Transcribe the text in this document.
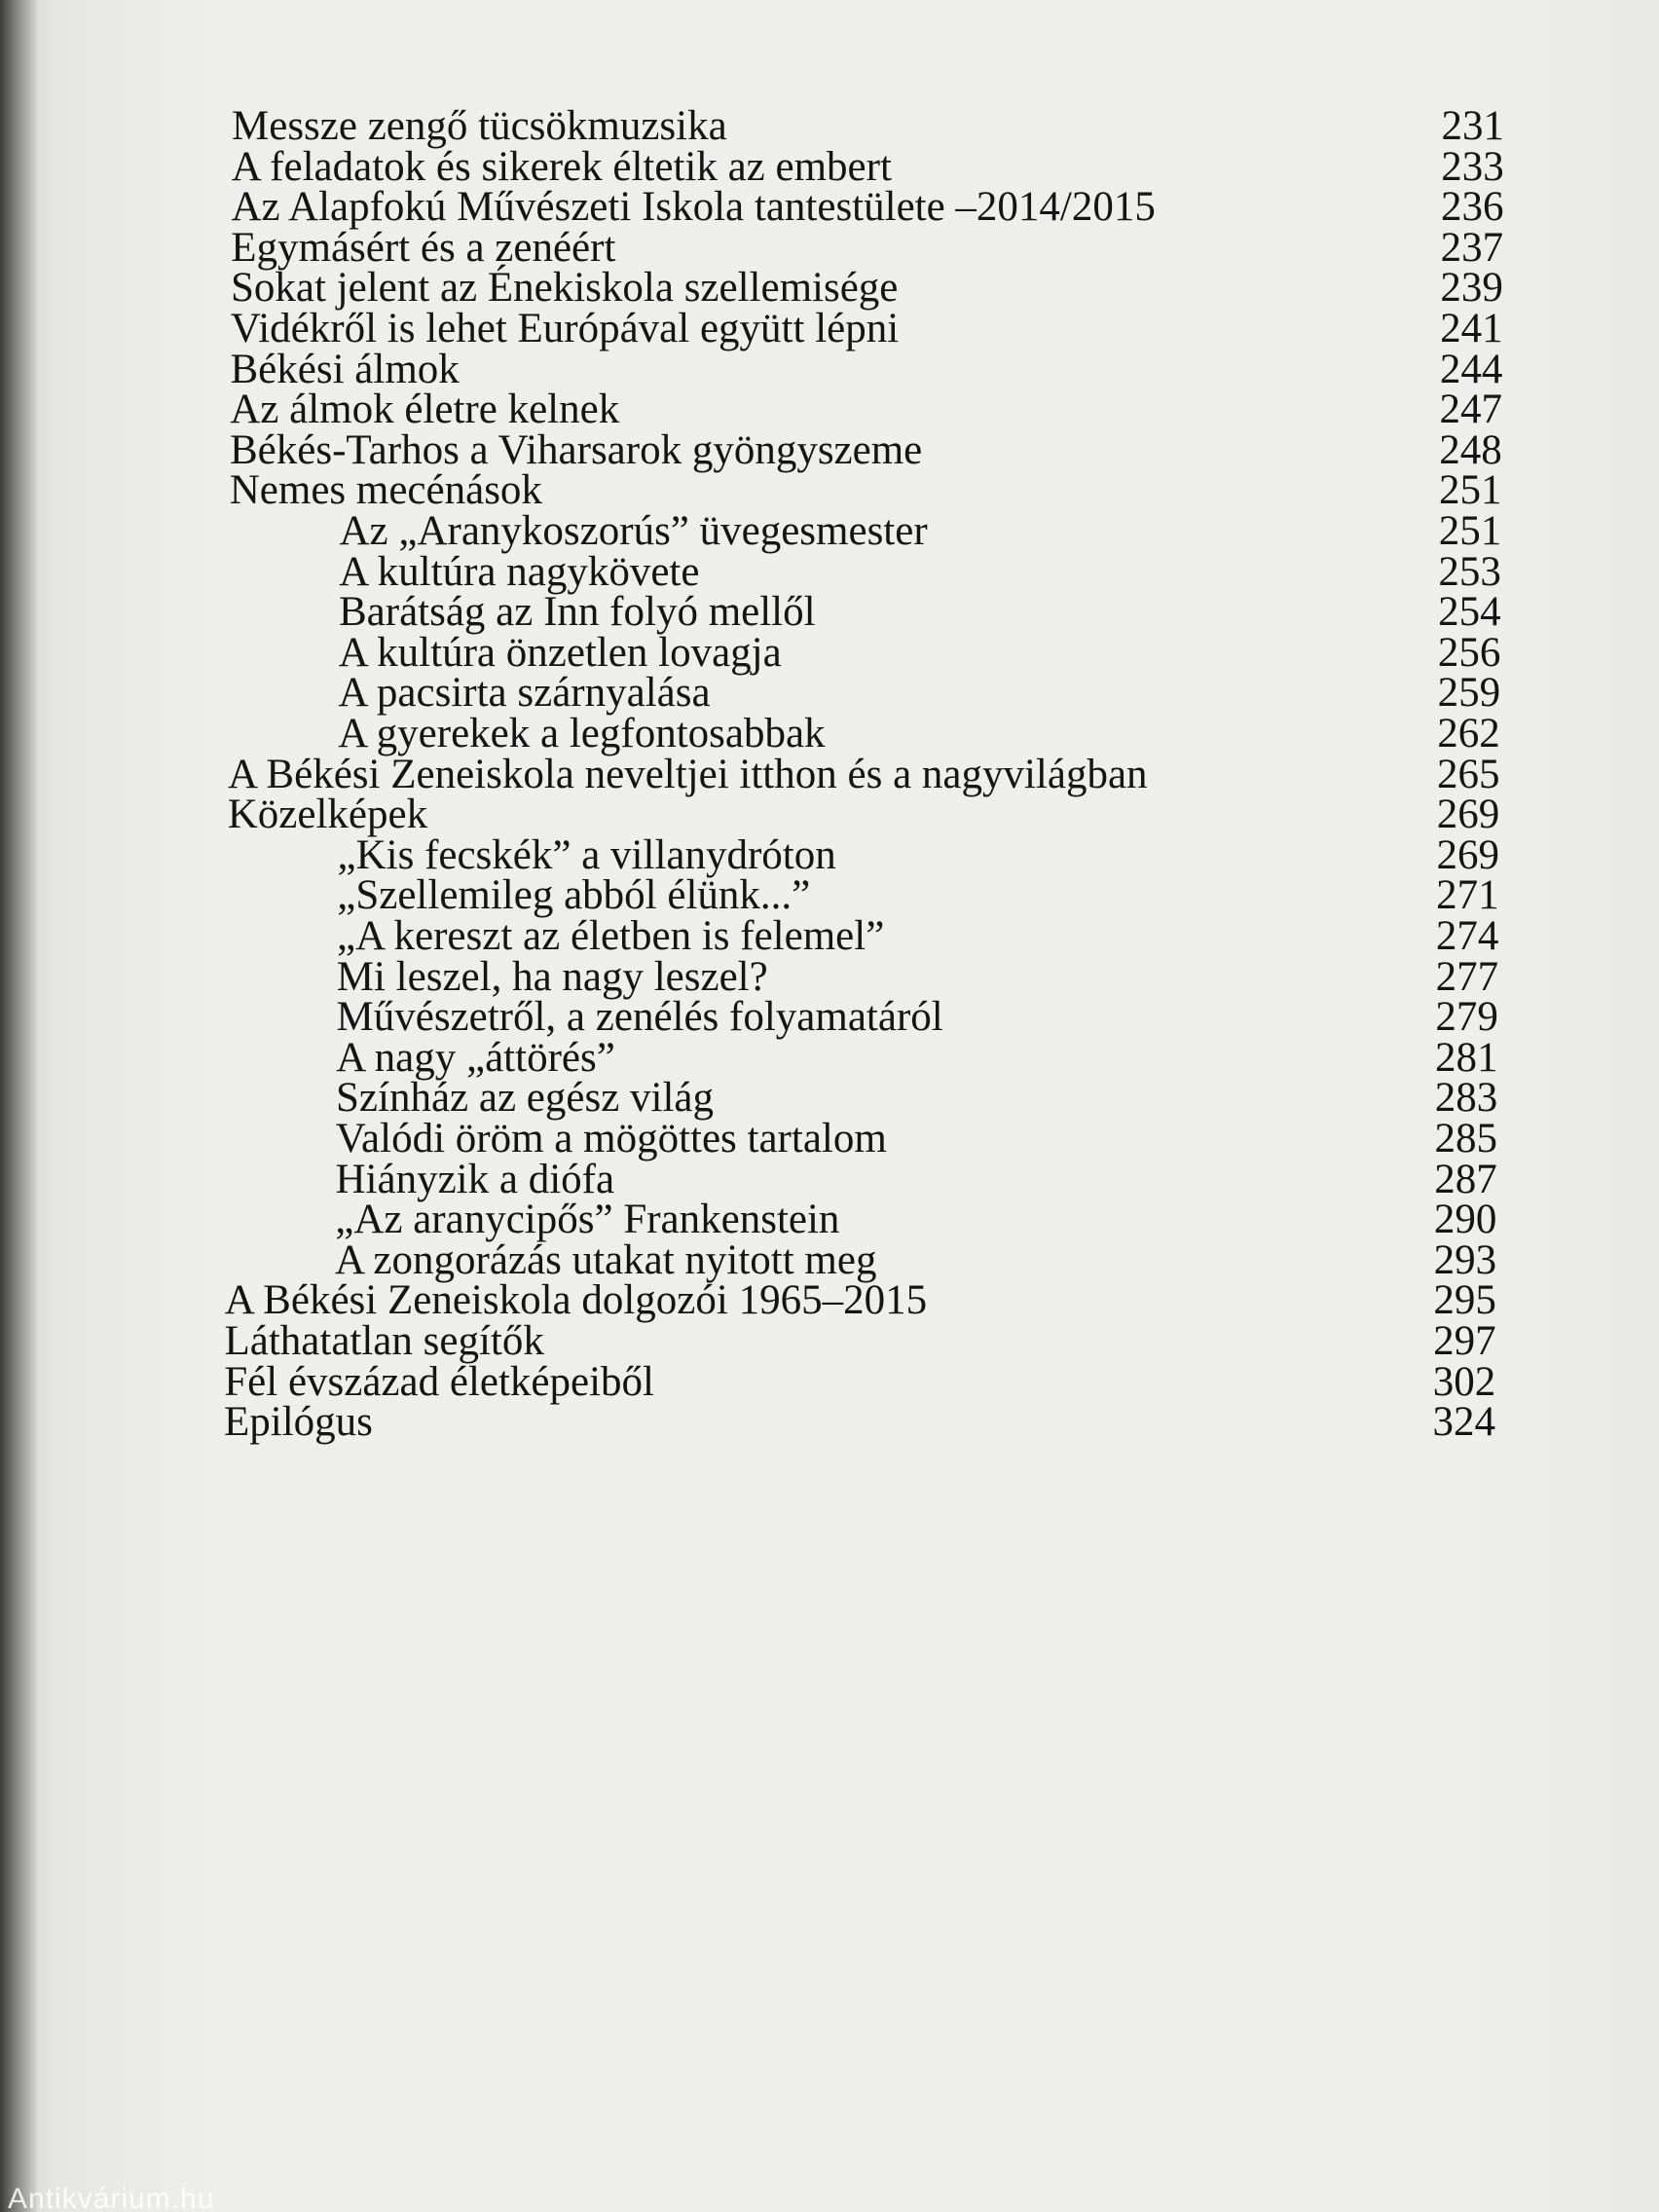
Messze zengő tücsökmuzsika	231
A feladatok és sikerek éltetik az embert	233
Az Alapfokú Művészeti Iskola tantestülete –2014/2015	236
Egymásért és a zenéért	237
Sokat jelent az Énekiskola szellemisége	239
Vidékről is lehet Európával együtt lépni	241
Békési álmok	244
Az álmok életre kelnek	247
Békés-Tarhos a Viharsarok gyöngyszeme	248
Nemes mecénások	251
Az „Aranykoszorús” üvegesmester	251
A kultúra nagykövete	253
Barátság az Inn folyó mellől	254
A kultúra önzetlen lovagja	256
A pacsirta szárnyalása	259
A gyerekek a legfontosabbak	262
A Békési Zeneiskola neveltjei itthon és a nagyvilágban	265
Közelképek	269
„Kis fecskék” a villanydróton	269
„Szellemileg abból élünk...”	271
„A kereszt az életben is felemel”	274
Mi leszel, ha nagy leszel?	277
Művészetről, a zenélés folyamatáról	279
A nagy „áttörés”	281
Színház az egész világ	283
Valódi öröm a mögöttes tartalom	285
Hiányzik a diófa	287
„Az aranycipős” Frankenstein	290
A zongorázás utakat nyitott meg	293
A Békési Zeneiskola dolgozói 1965–2015	295
Láthatatlan segítők	297
Fél évszázad életképeiből	302
Epilógus	324
Antikvárium.hu
